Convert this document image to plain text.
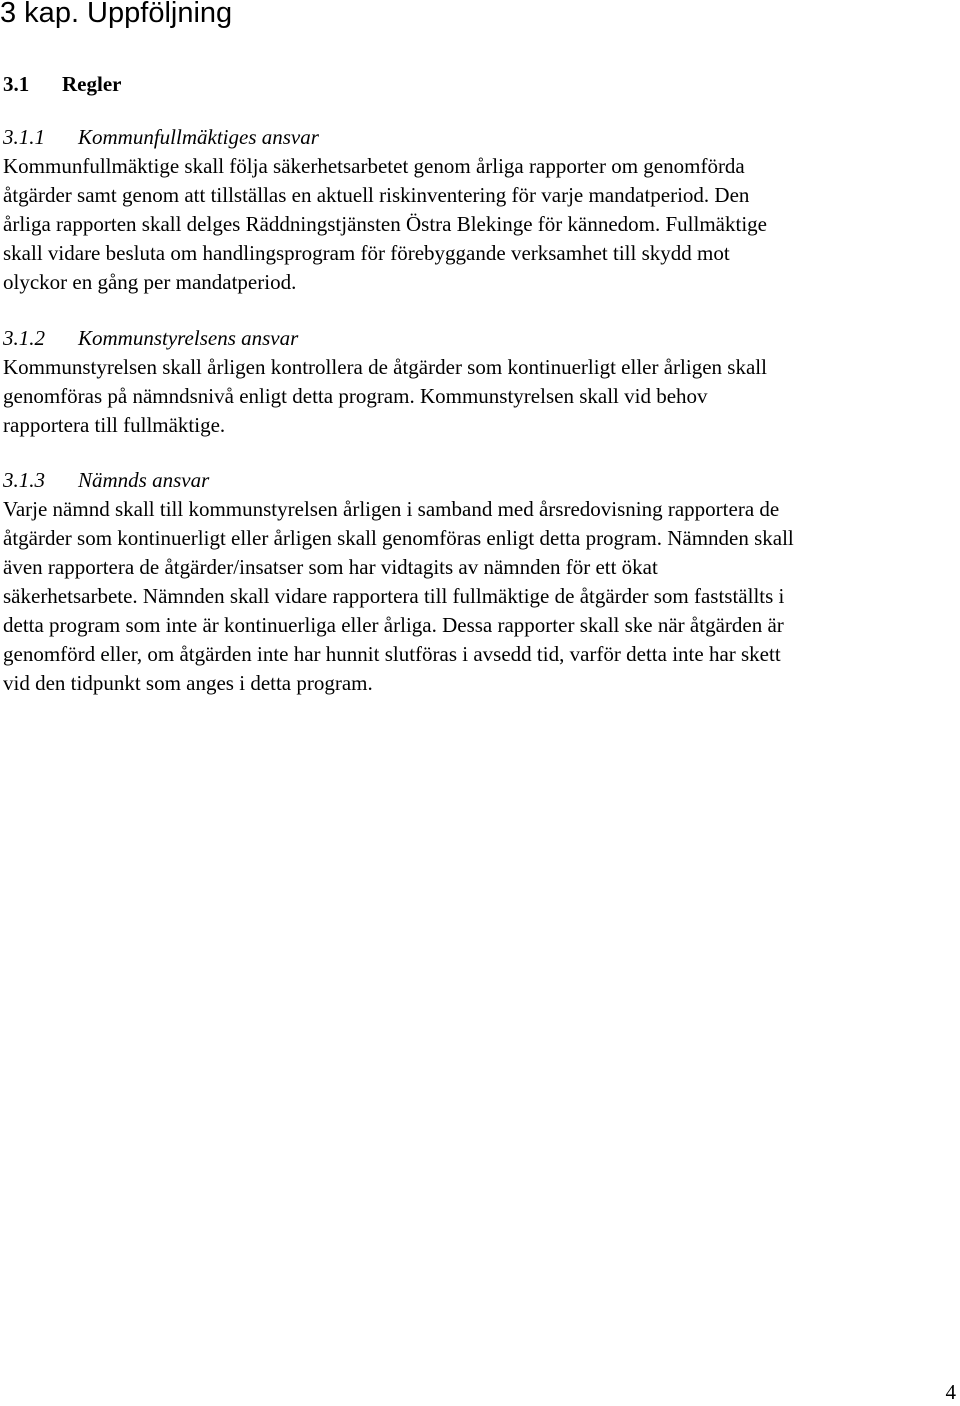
3 kap. Uppföljning
3.1 Regler
3.1.1 Kommunfullmäktiges ansvar

Kommunfullmäktige skall följa säkerhetsarbetet genom årliga rapporter om genomförda
åtgärder samt genom att tillställas en aktuell riskinventering för varje mandatperiod. Den
årliga rapporten skall delges Räddningstjänsten Östra Blekinge för kännedom. Fullmäktige
skall vidare besluta om handlingsprogram för förebyggande verksamhet till skydd mot
olyckor en gång per mandatperiod.

3.1.2 Kommunstyrelsens ansvar

Kommunstyrelsen skall årligen kontrollera de åtgärder som kontinuerligt eller årligen skall
genomföras på nämndsnivå enligt detta program. Kommunstyrelsen skall vid behov
rapportera till fullmäktige.

3.1.3 Nämnds ansvar

Varje nämnd skall till kommunstyrelsen årligen i samband med årsredovisning rapportera de
åtgärder som kontinuerligt eller årligen skall genomföras enligt detta program. Nämnden skall
även rapportera de åtgärder/insatser som har vidtagits av nämnden för ett ökat
säkerhetsarbete. Nämnden skall vidare rapportera till fullmäktige de åtgärder som fastställts i
detta program som inte är kontinuerliga eller årliga. Dessa rapporter skall ske när åtgärden är
genomförd eller, om åtgärden inte har hunnit slutföras i avsedd tid, varför detta inte har skett
vid den tidpunkt som anges i detta program.

4
